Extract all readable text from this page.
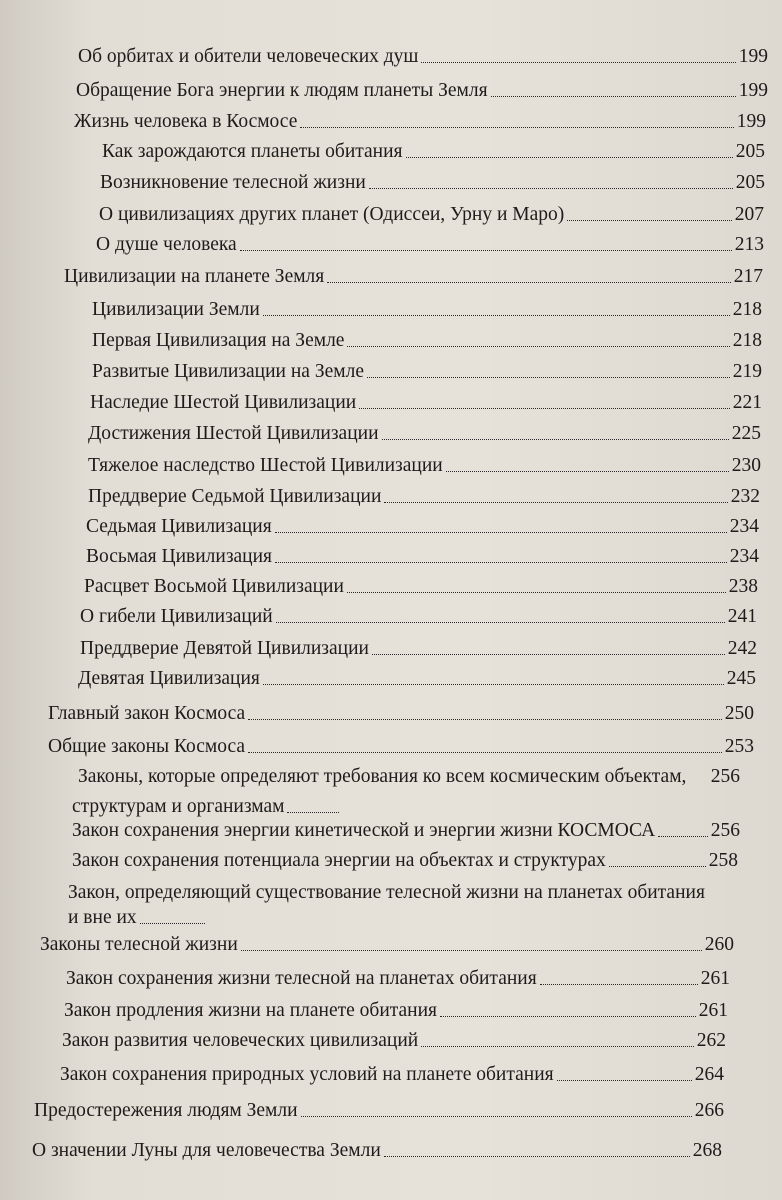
Об орбитах и обители человеческих душ	199
Обращение Бога энергии к людям планеты Земля	199
Жизнь человека в Космосе	199
Как зарождаются планеты обитания	205
Возникновение телесной жизни	205
О цивилизациях других планет (Одиссеи, Урну и Маро)	207
О душе человека	213
Цивилизации на планете Земля	217
Цивилизации Земли	218
Первая Цивилизация на Земле	218
Развитые Цивилизации на Земле	219
Наследие Шестой Цивилизации	221
Достижения Шестой Цивилизации	225
Тяжелое наследство Шестой Цивилизации	230
Преддверие Седьмой Цивилизации	232
Седьмая Цивилизация	234
Восьмая Цивилизация	234
Расцвет Восьмой Цивилизации	238
О гибели Цивилизаций	241
Преддверие Девятой Цивилизации	242
Девятая Цивилизация	245
Главный закон Космоса	250
Общие законы Космоса	253
Законы, которые определяют требования ко всем космическим объектам, 256
структурам и организмам
Закон сохранения энергии кинетической и энергии жизни КОСМОСА	256
Закон сохранения потенциала энергии на объектах и структурах	258
Закон, определяющий существование телесной жизни на планетах обитания
и вне их
Законы телесной жизни	260
Закон сохранения жизни телесной на планетах обитания	261
Закон продления жизни на планете обитания	261
Закон развития человеческих цивилизаций	262
Закон сохранения природных условий на планете обитания	264
Предостережения людям Земли	266
О значении Луны для человечества Земли	268
